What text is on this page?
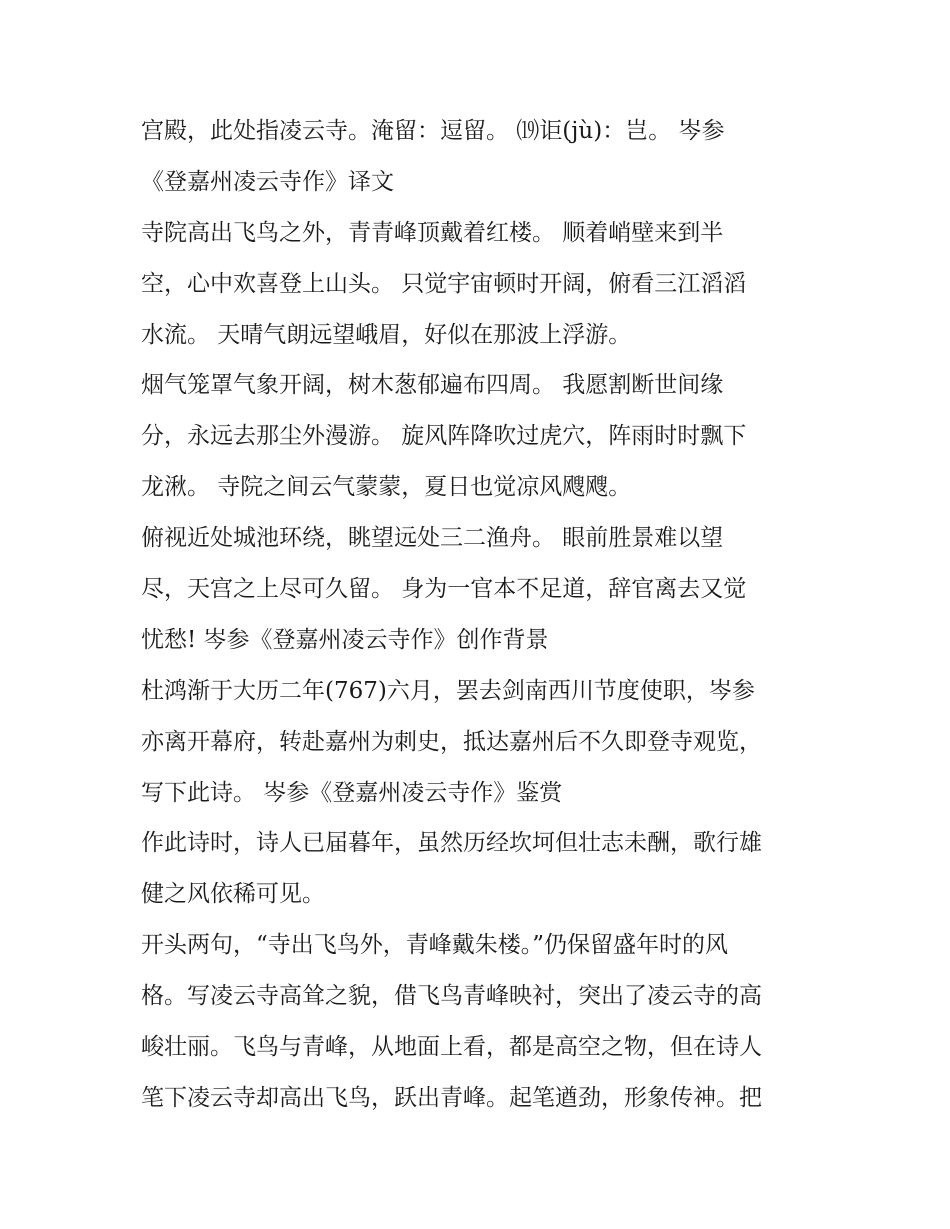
宫殿，此处指凌云寺。淹留：逗留。 ⒆讵(jù)：岂。 岑参
《登嘉州凌云寺作》译文
寺院高出飞鸟之外，青青峰顶戴着红楼。 顺着峭壁来到半
空，心中欢喜登上山头。 只觉宇宙顿时开阔，俯看三江滔滔
水流。 天晴气朗远望峨眉，好似在那波上浮游。
烟气笼罩气象开阔，树木葱郁遍布四周。 我愿割断世间缘
分，永远去那尘外漫游。 旋风阵降吹过虎穴，阵雨时时飘下
龙湫。 寺院之间云气蒙蒙，夏日也觉凉风飕飕。
俯视近处城池环绕，眺望远处三二渔舟。 眼前胜景难以望
尽，天宫之上尽可久留。 身为一官本不足道，辞官离去又觉
忧愁! 岑参《登嘉州凌云寺作》创作背景
杜鸿渐于大历二年(767)六月，罢去剑南西川节度使职，岑参
亦离开幕府，转赴嘉州为刺史，抵达嘉州后不久即登寺观览，
写下此诗。 岑参《登嘉州凌云寺作》鉴赏
作此诗时，诗人已届暮年，虽然历经坎坷但壮志未酬，歌行雄
健之风依稀可见。
开头两句，“寺出飞鸟外，青峰戴朱楼。”仍保留盛年时的风
格。写凌云寺高耸之貌，借飞鸟青峰映衬，突出了凌云寺的高
峻壮丽。飞鸟与青峰，从地面上看，都是高空之物，但在诗人
笔下凌云寺却高出飞鸟，跃出青峰。起笔遒劲，形象传神。把
